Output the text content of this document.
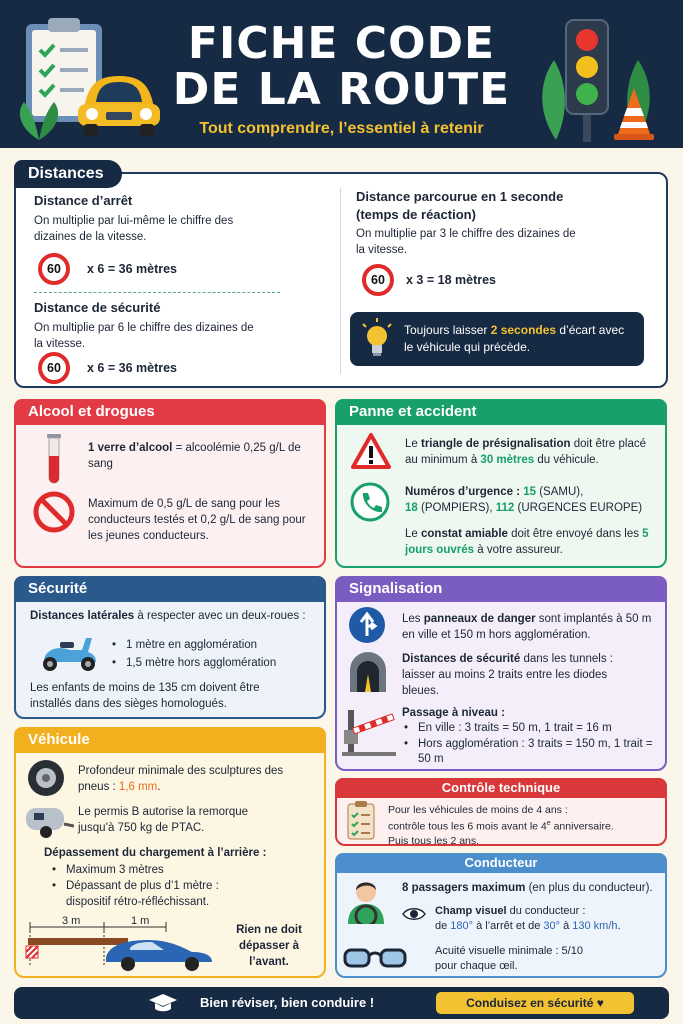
FICHE CODE
DE LA ROUTE
Tout comprendre, l’essentiel à retenir
Distances
Distance d’arrêt
On multiplie par lui-même le chiffre des dizaines de la vitesse.
60	x 6 = 36 mètres
Distance de sécurité
On multiplie par 6 le chiffre des dizaines de la vitesse.
60	x 6 = 36 mètres
Distance parcourue en 1 seconde (temps de réaction)
On multiplie par 3 le chiffre des dizaines de la vitesse.
60	x 3 = 18 mètres
Toujours laisser 2 secondes d’écart avec le véhicule qui précède.
Alcool et drogues
1 verre d’alcool = alcoolémie 0,25 g/L de sang
Maximum de 0,5 g/L de sang pour les conducteurs testés et 0,2 g/L de sang pour les jeunes conducteurs.
Panne et accident
Le triangle de présignalisation doit être placé au minimum à 30 mètres du véhicule.
Numéros d’urgence : 15 (SAMU),
18 (POMPIERS), 112 (URGENCES EUROPE)
Le constat amiable doit être envoyé dans les 5 jours ouvrés à votre assureur.
Sécurité
Distances latérales à respecter avec un deux-roues :
• 1 mètre en agglomération
• 1,5 mètre hors agglomération
Les enfants de moins de 135 cm doivent être installés dans des sièges homologués.
Signalisation
Les panneaux de danger sont implantés à 50 m en ville et 150 m hors agglomération.
Distances de sécurité dans les tunnels : laisser au moins 2 traits entre les diodes bleues.
Passage à niveau :
• En ville : 3 traits = 50 m, 1 trait = 16 m
• Hors agglomération : 3 traits = 150 m, 1 trait = 50 m
Véhicule
Profondeur minimale des sculptures des pneus : 1,6 mm.
Le permis B autorise la remorque jusqu’à 750 kg de PTAC.
Dépassement du chargement à l’arrière :
• Maximum 3 mètres
• Dépassant de plus d’1 mètre : dispositif rétro-réfléchissant.
3 m	1 m
Rien ne doit dépasser à l’avant.
Contrôle technique
Pour les véhicules de moins de 4 ans :
contrôle tous les 6 mois avant le 4e anniversaire.
Puis tous les 2 ans.
Conducteur
8 passagers maximum (en plus du conducteur).
Champ visuel du conducteur :
de 180° à l’arrêt et de 30° à 130 km/h.
Acuité visuelle minimale : 5/10
pour chaque œil.
Bien réviser, bien conduire !	Conduisez en sécurité ♥
